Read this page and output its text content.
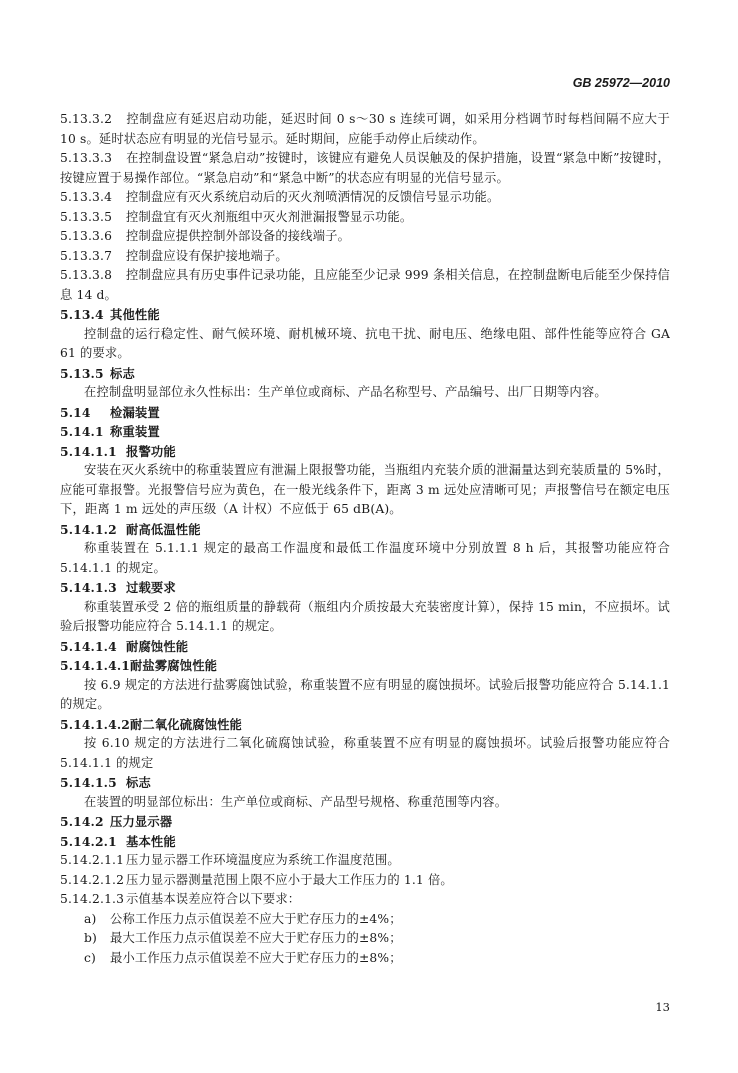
GB 25972—2010
5.13.3.2 控制盘应有延迟启动功能，延迟时间 0 s～30 s 连续可调，如采用分档调节时每档间隔不应大于 10 s。延时状态应有明显的光信号显示。延时期间，应能手动停止后续动作。
5.13.3.3 在控制盘设置“紧急启动”按键时，该键应有避免人员误触及的保护措施，设置“紧急中断”按键时，按键应置于易操作部位。“紧急启动”和“紧急中断”的状态应有明显的光信号显示。
5.13.3.4 控制盘应有灭火系统启动后的灭火剂喷洒情况的反馈信号显示功能。
5.13.3.5 控制盘宜有灭火剂瓶组中灭火剂泄漏报警显示功能。
5.13.3.6 控制盘应提供控制外部设备的接线端子。
5.13.3.7 控制盘应设有保护接地端子。
5.13.3.8 控制盘应具有历史事件记录功能，且应能至少记录 999 条相关信息，在控制盘断电后能至少保持信息 14 d。
5.13.4 其他性能
控制盘的运行稳定性、耐气候环境、耐机械环境、抗电干扰、耐电压、绝缘电阻、部件性能等应符合 GA 61 的要求。
5.13.5 标志
在控制盘明显部位永久性标出：生产单位或商标、产品名称型号、产品编号、出厂日期等内容。
5.14 检漏装置
5.14.1 称重装置
5.14.1.1 报警功能
安装在灭火系统中的称重装置应有泄漏上限报警功能，当瓶组内充装介质的泄漏量达到充装质量的 5%时，应能可靠报警。光报警信号应为黄色，在一般光线条件下，距离 3 m 远处应清晰可见；声报警信号在额定电压下，距离 1 m 远处的声压级（A 计权）不应低于 65 dB(A)。
5.14.1.2 耐高低温性能
称重装置在 5.1.1.1 规定的最高工作温度和最低工作温度环境中分别放置 8 h 后，其报警功能应符合 5.14.1.1 的规定。
5.14.1.3 过载要求
称重装置承受 2 倍的瓶组质量的静载荷（瓶组内介质按最大充装密度计算），保持 15 min，不应损坏。试验后报警功能应符合 5.14.1.1 的规定。
5.14.1.4 耐腐蚀性能
5.14.1.4.1耐盐雾腐蚀性能
按 6.9 规定的方法进行盐雾腐蚀试验，称重装置不应有明显的腐蚀损坏。试验后报警功能应符合 5.14.1.1 的规定。
5.14.1.4.2耐二氧化硫腐蚀性能
按 6.10 规定的方法进行二氧化硫腐蚀试验，称重装置不应有明显的腐蚀损坏。试验后报警功能应符合 5.14.1.1 的规定
5.14.1.5 标志
在装置的明显部位标出：生产单位或商标、产品型号规格、称重范围等内容。
5.14.2 压力显示器
5.14.2.1 基本性能
5.14.2.1.1 压力显示器工作环境温度应为系统工作温度范围。
5.14.2.1.2 压力显示器测量范围上限不应小于最大工作压力的 1.1 倍。
5.14.2.1.3 示值基本误差应符合以下要求：
a) 公称工作压力点示值误差不应大于贮存压力的±4%；
b) 最大工作压力点示值误差不应大于贮存压力的±8%；
c) 最小工作压力点示值误差不应大于贮存压力的±8%；
13
